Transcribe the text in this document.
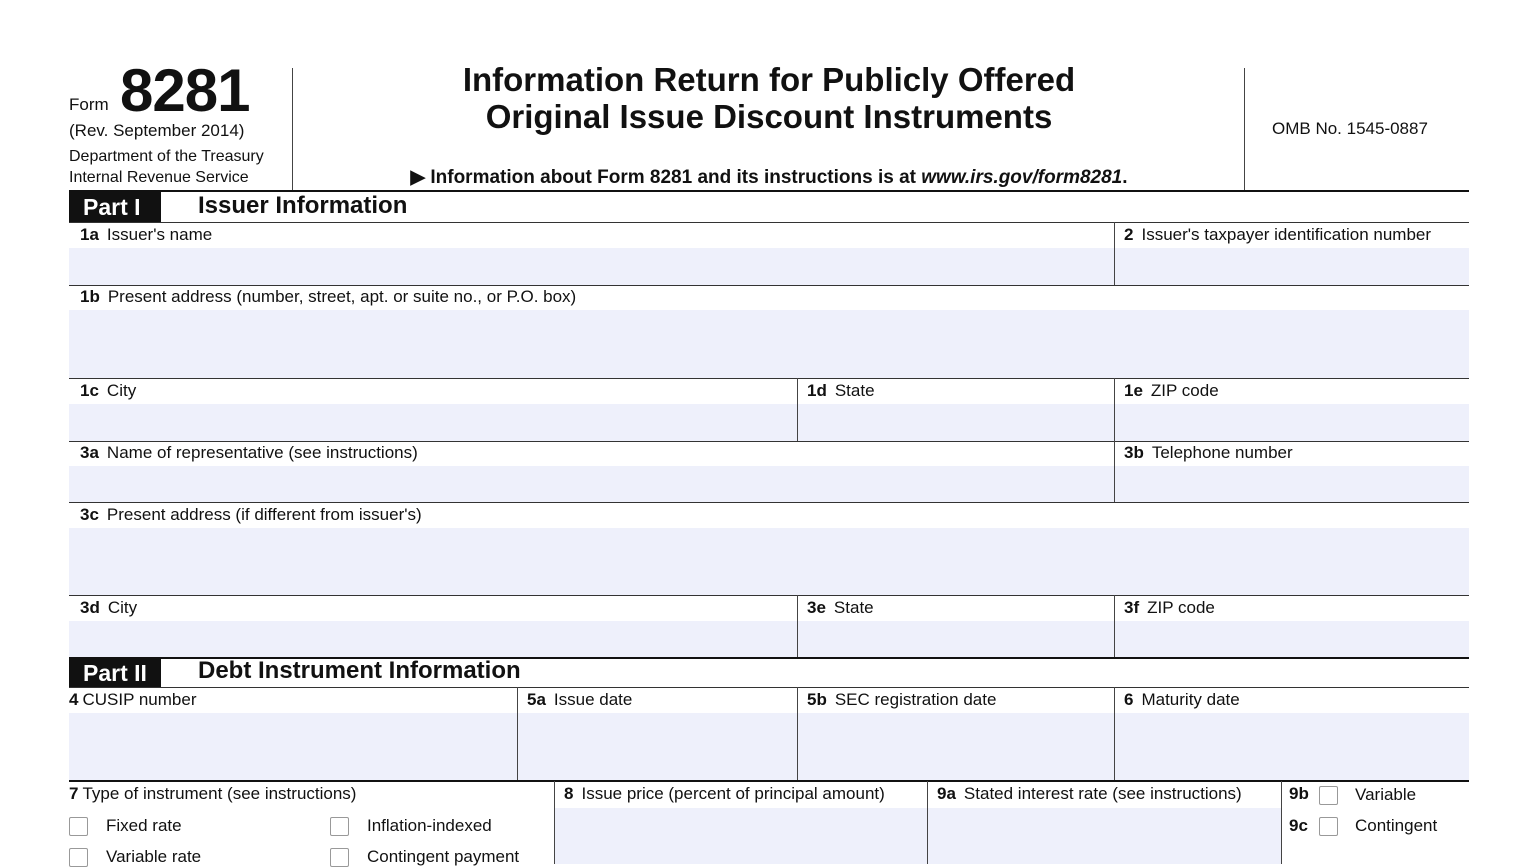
Form 8281
(Rev. September 2014)
Department of the Treasury
Internal Revenue Service
Information Return for Publicly Offered
Original Issue Discount Instruments
▶ Information about Form 8281 and its instructions is at www.irs.gov/form8281.
OMB No. 1545-0887
Part I	Issuer Information
1a Issuer's name	2 Issuer's taxpayer identification number
1b Present address (number, street, apt. or suite no., or P.O. box)
1c City	1d State	1e ZIP code
3a Name of representative (see instructions)	3b Telephone number
3c Present address (if different from issuer's)
3d City	3e State	3f ZIP code
Part II	Debt Instrument Information
4 CUSIP number	5a Issue date	5b SEC registration date	6 Maturity date
7 Type of instrument (see instructions)
Fixed rate	Inflation-indexed
Variable rate	Contingent payment
8 Issue price (percent of principal amount)	9a Stated interest rate (see instructions)	9b	Variable
9c	Contingent
